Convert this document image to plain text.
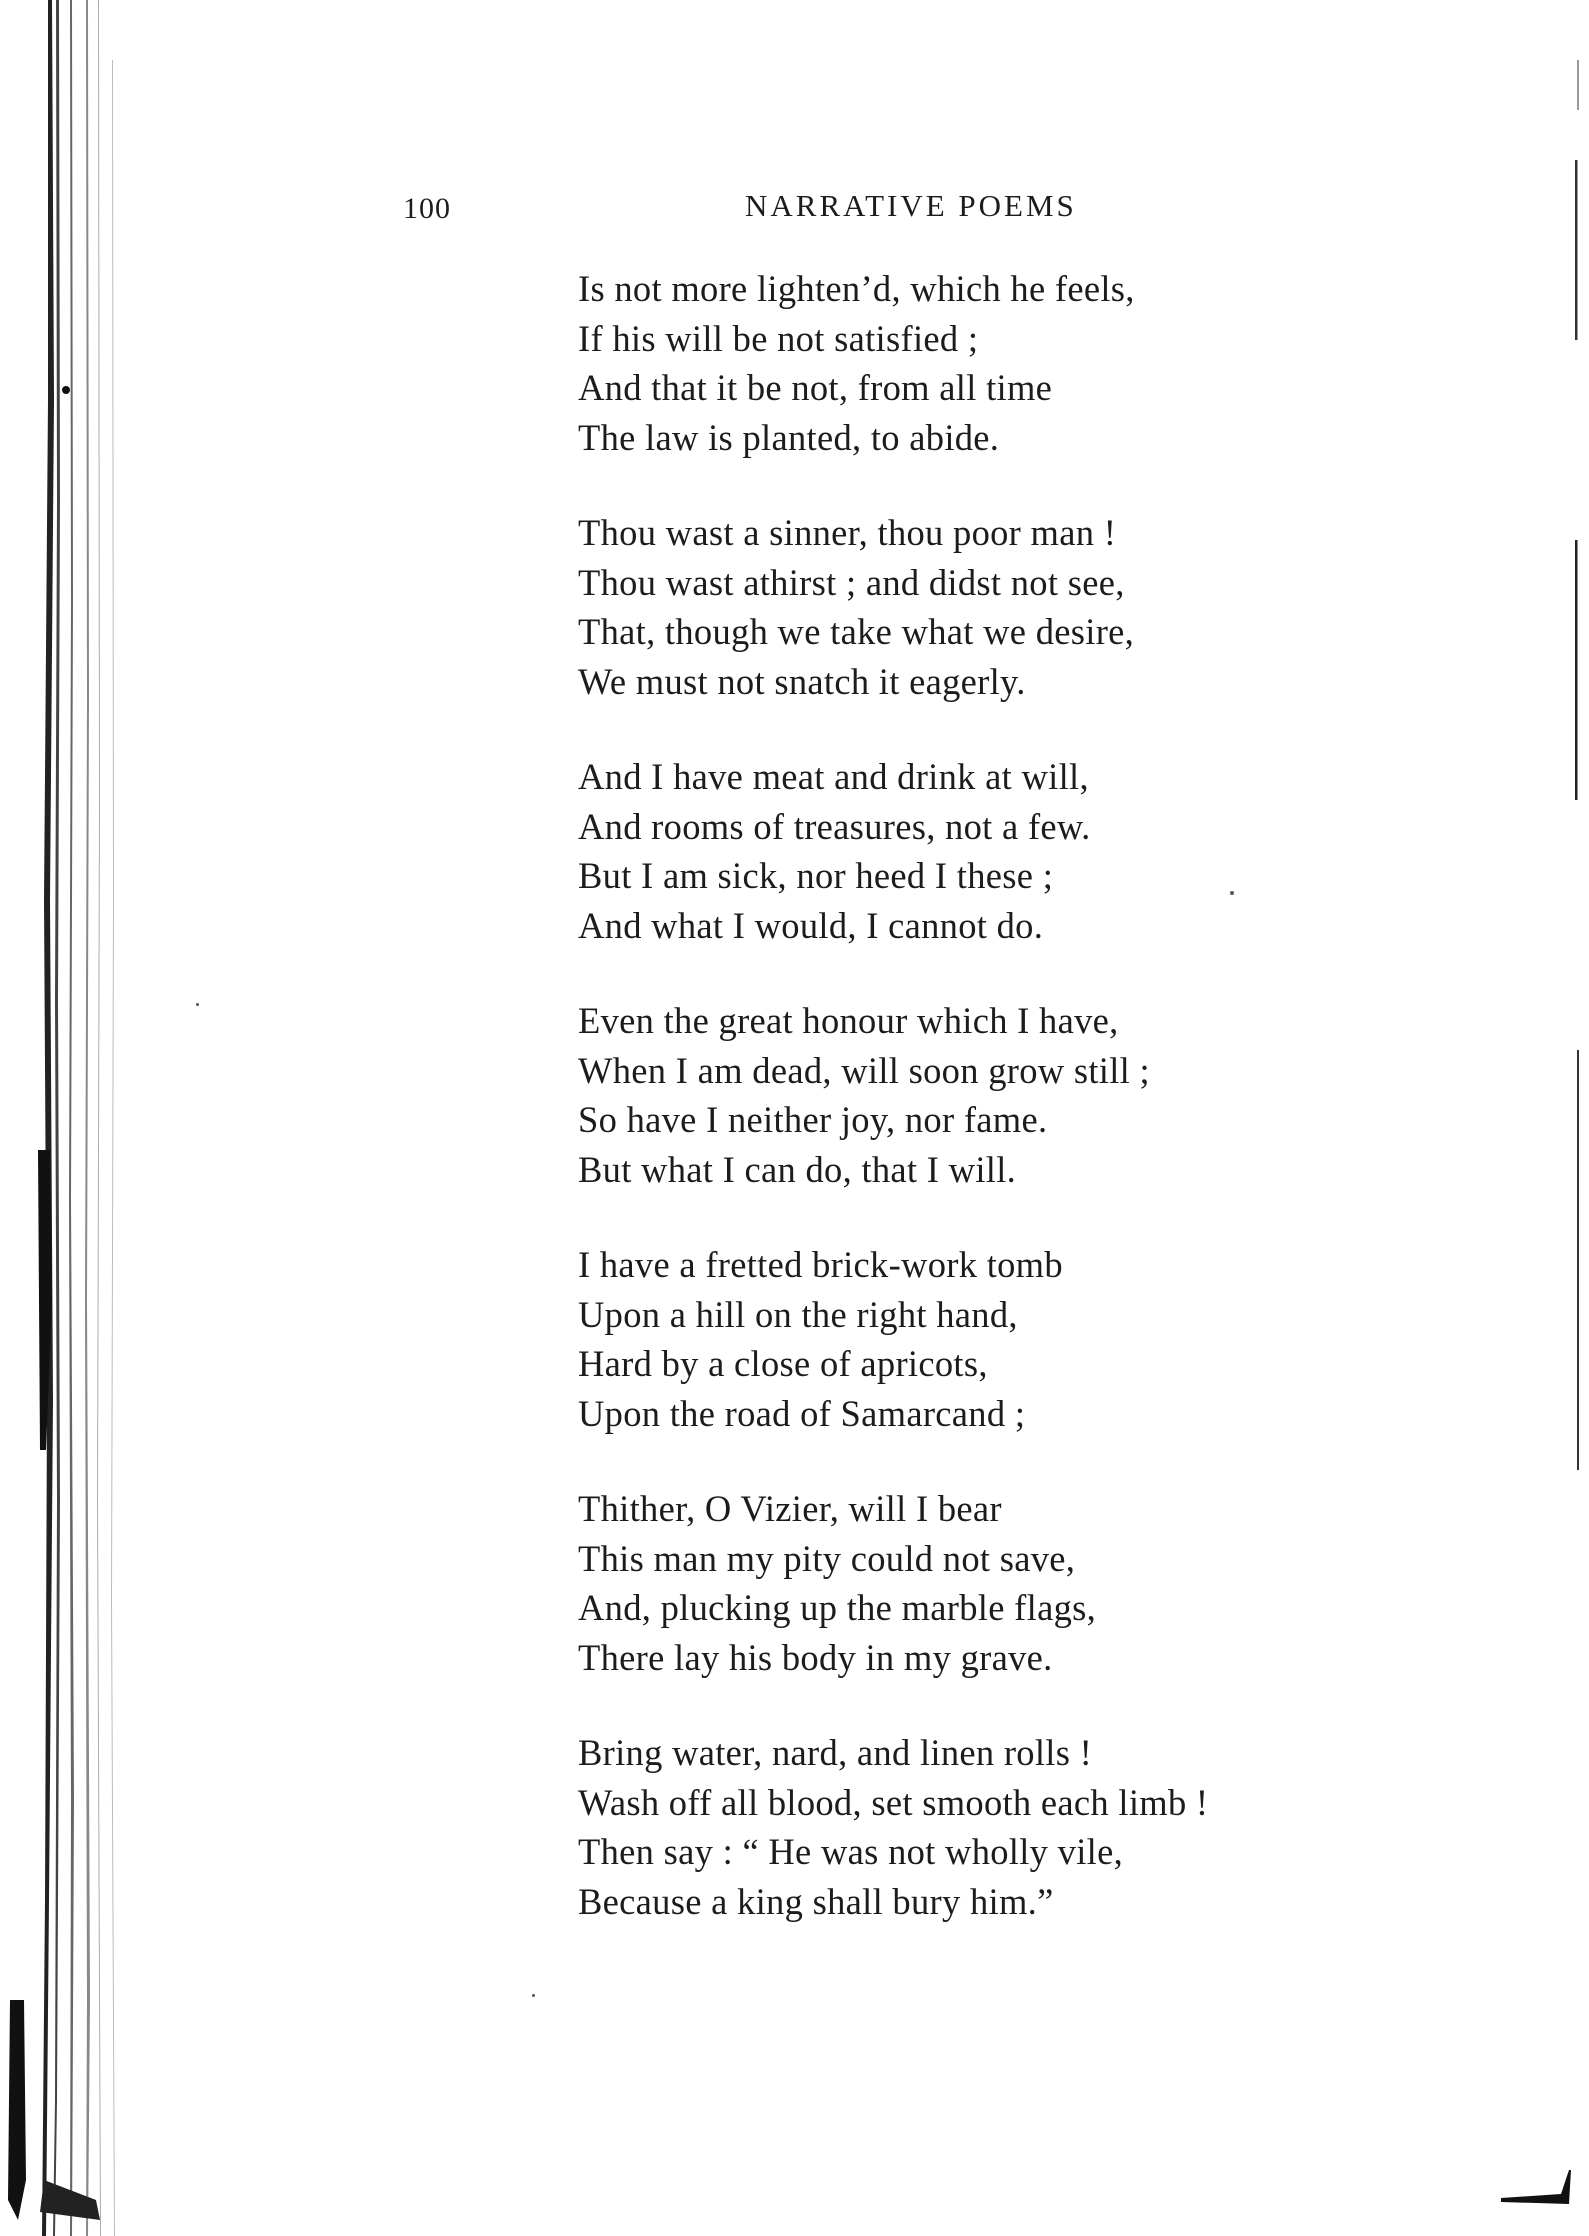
100	NARRATIVE POEMS
Is not more lighten’d, which he feels,
If his will be not satisfied ;
And that it be not, from all time
The law is planted, to abide.
Thou wast a sinner, thou poor man !
Thou wast athirst ; and didst not see,
That, though we take what we desire,
We must not snatch it eagerly.
And I have meat and drink at will,
And rooms of treasures, not a few.
But I am sick, nor heed I these ;
And what I would, I cannot do.
Even the great honour which I have,
When I am dead, will soon grow still ;
So have I neither joy, nor fame.
But what I can do, that I will.
I have a fretted brick-work tomb
Upon a hill on the right hand,
Hard by a close of apricots,
Upon the road of Samarcand ;
Thither, O Vizier, will I bear
This man my pity could not save,
And, plucking up the marble flags,
There lay his body in my grave.
Bring water, nard, and linen rolls !
Wash off all blood, set smooth each limb !
Then say : “ He was not wholly vile,
Because a king shall bury him.”
